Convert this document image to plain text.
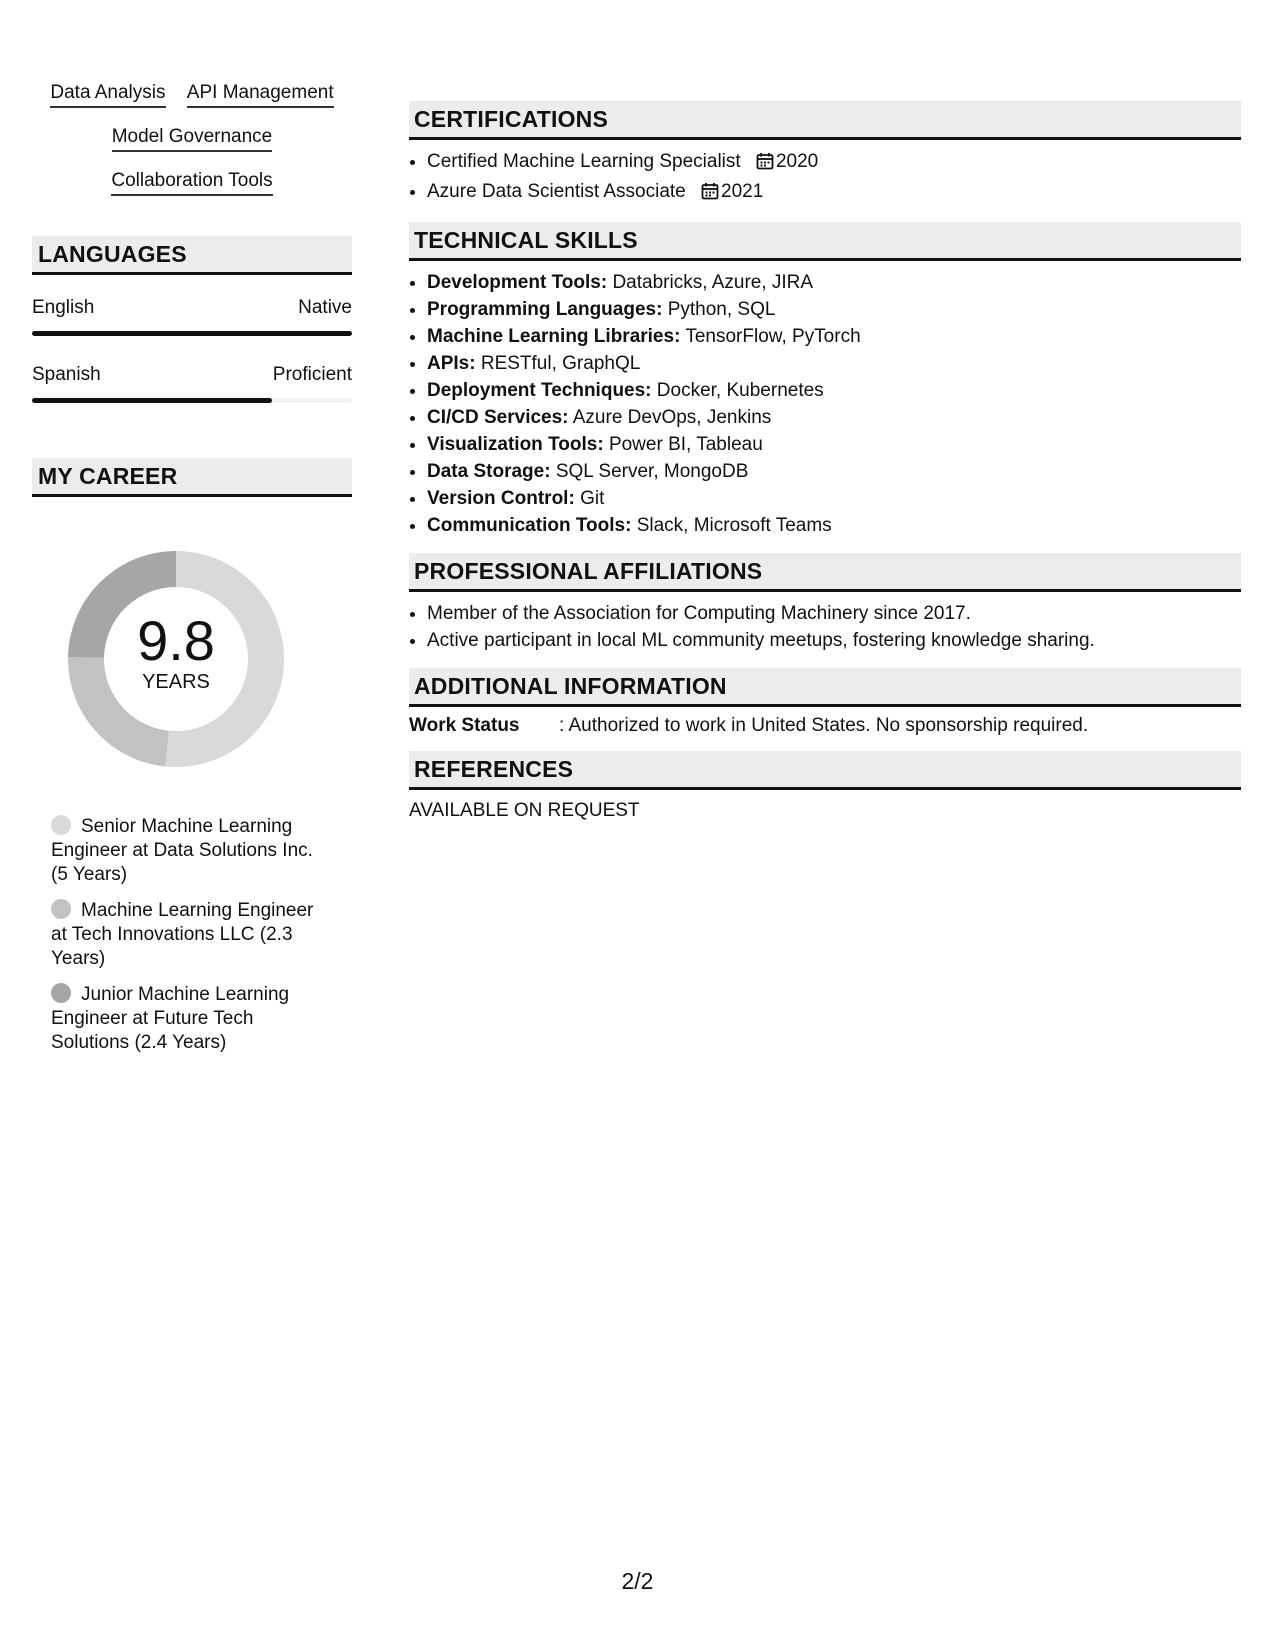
Data Analysis API Management
Model Governance
Collaboration Tools
LANGUAGES
English	Native
Spanish	Proficient
MY CAREER
9.8
YEARS
Senior Machine Learning Engineer at Data Solutions Inc. (5 Years)
Machine Learning Engineer at Tech Innovations LLC (2.3 Years)
Junior Machine Learning Engineer at Future Tech Solutions (2.4 Years)
CERTIFICATIONS
• Certified Machine Learning Specialist 2020
• Azure Data Scientist Associate 2021
TECHNICAL SKILLS
• Development Tools: Databricks, Azure, JIRA
• Programming Languages: Python, SQL
• Machine Learning Libraries: TensorFlow, PyTorch
• APIs: RESTful, GraphQL
• Deployment Techniques: Docker, Kubernetes
• CI/CD Services: Azure DevOps, Jenkins
• Visualization Tools: Power BI, Tableau
• Data Storage: SQL Server, MongoDB
• Version Control: Git
• Communication Tools: Slack, Microsoft Teams
PROFESSIONAL AFFILIATIONS
• Member of the Association for Computing Machinery since 2017.
• Active participant in local ML community meetups, fostering knowledge sharing.
ADDITIONAL INFORMATION
Work Status	: Authorized to work in United States. No sponsorship required.
REFERENCES
AVAILABLE ON REQUEST
2/2
